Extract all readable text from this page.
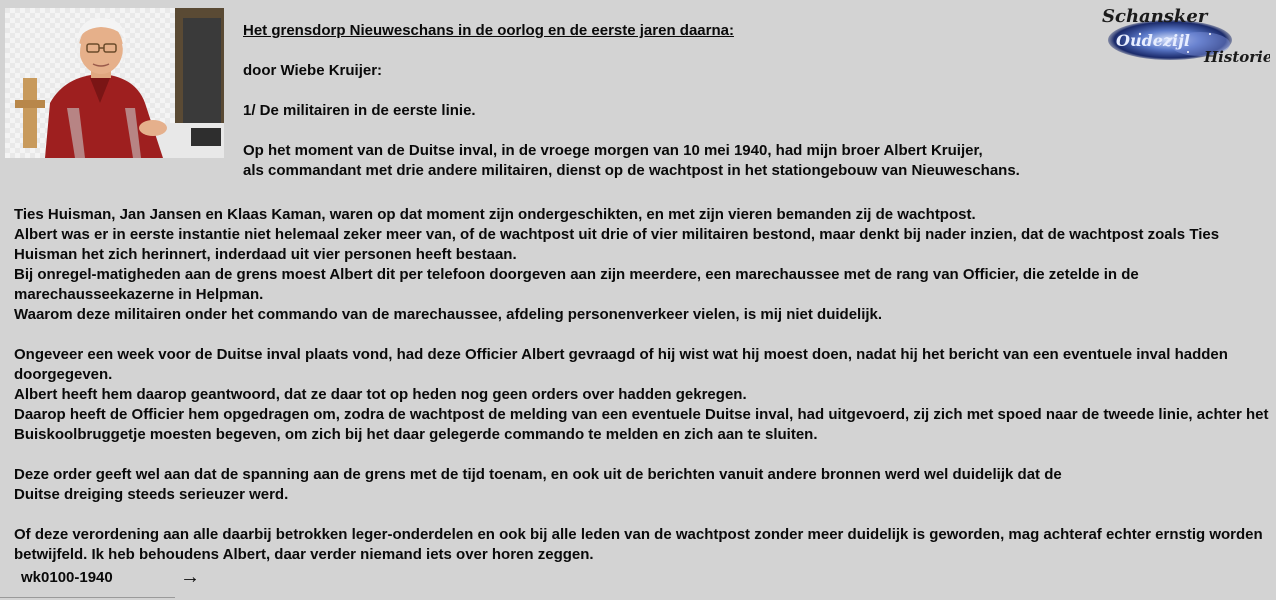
Schansker
Oudezijl
Historie

Het grensdorp Nieuweschans in de oorlog en de eerste jaren daarna:

door Wiebe Kruijer:

1/ De militairen in de eerste linie.

Op het moment van de Duitse inval, in de vroege morgen van 10 mei 1940, had mijn broer Albert Kruijer,

als commandant met drie andere militairen, dienst op de wachtpost in het stationgebouw van Nieuweschans.

Ties Huisman, Jan Jansen en Klaas Kaman, waren op dat moment zijn ondergeschikten, en met zijn vieren bemanden zij de wachtpost.

Albert was er in eerste instantie niet helemaal zeker meer van, of de wachtpost uit drie of vier militairen bestond, maar denkt bij nader inzien, dat de wachtpost zoals Ties Huisman het zich herinnert, inderdaad uit vier personen heeft bestaan.

Bij onregel-matigheden aan de grens moest Albert dit per telefoon doorgeven aan zijn meerdere, een marechaussee met de rang van Officier, die zetelde in de marechausseekazerne in Helpman.

Waarom deze militairen onder het commando van de marechaussee, afdeling personenverkeer vielen, is mij niet duidelijk.

Ongeveer een week voor de Duitse inval plaats vond, had deze Officier Albert gevraagd of hij wist wat hij moest doen, nadat hij het bericht van een eventuele inval hadden doorgegeven.

Albert heeft hem daarop geantwoord, dat ze daar tot op heden nog geen orders over hadden gekregen.

Daarop heeft de Officier hem opgedragen om, zodra de wachtpost de melding van een eventuele Duitse inval, had uitgevoerd, zij zich met spoed naar de tweede linie, achter het Buiskoolbruggetje moesten begeven, om zich bij het daar gelegerde commando te melden en zich aan te sluiten.

Deze order geeft wel aan dat de spanning aan de grens met de tijd toenam, en ook uit de berichten vanuit andere bronnen werd wel duidelijk dat de

Duitse dreiging steeds serieuzer werd.

Of deze verordening aan alle daarbij betrokken leger-onderdelen en ook bij alle leden van de wachtpost zonder meer duidelijk is geworden, mag achteraf echter ernstig worden betwijfeld. Ik heb behoudens Albert, daar verder niemand iets over horen zeggen.

wk0100-1940	→
